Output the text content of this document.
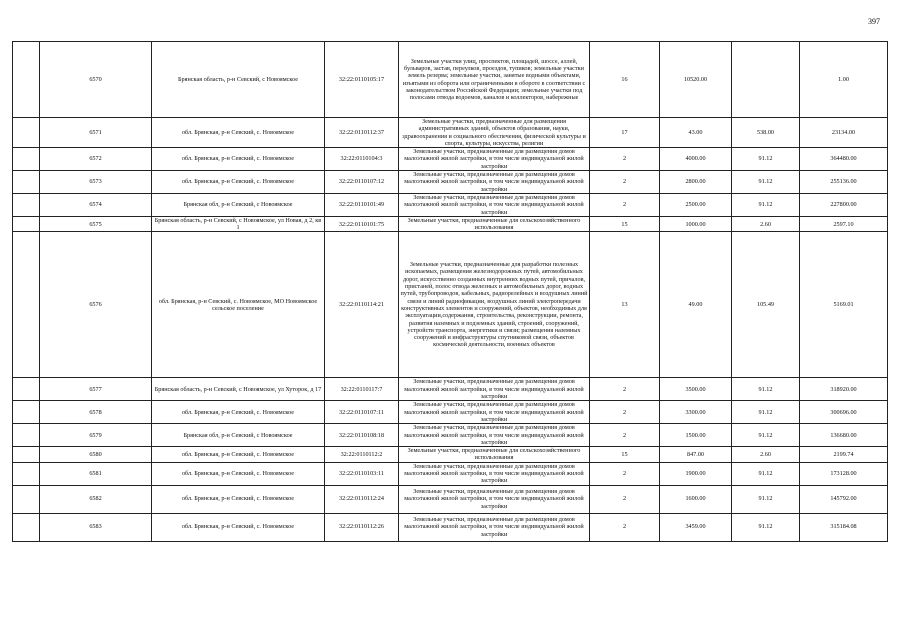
397
	6570	Брянская область, р-н Севский, с Новоямское	32:22:0110105:17	Земельные участки улиц, проспектов, площадей, шоссе, аллей, бульваров, застав, переулков, проездов, тупиков; земельные участки земель резерва; земельные участки, занятые водными объектами, изъятыми из оборота или ограниченными в обороте в соответствии с законодательством Российской Федерации; земельные участки под полосами отвода водоемов, каналов и коллекторов, набережные	16	10520.00		1.00
	6571	обл. Брянская, р-н Севский, с. Новоямское	32:22:0110112:37	Земельные участки, предназначенные для размещения административных зданий, объектов образования, науки, здравоохранения и социального обеспечения, физической культуры и спорта, культуры, искусства, религии	17	43.00	538.00	23134.00
	6572	обл. Брянская, р-н Севский, с. Новоямское	32:22:0110104:3	Земельные участки, предназначенные для размещения домов малоэтажной жилой застройки, в том числе индивидуальной жилой застройки	2	4000.00	91.12	364480.00
	6573	обл. Брянская, р-н Севский, с. Новоямское	32:22:0110107:12	Земельные участки, предназначенные для размещения домов малоэтажной жилой застройки, в том числе индивидуальной жилой застройки	2	2800.00	91.12	255136.00
	6574	Брянская обл, р-н Севский, с Новоямское	32:22:0110101:49	Земельные участки, предназначенные для размещения домов малоэтажной жилой застройки, в том числе индивидуальной жилой застройки	2	2500.00	91.12	227800.00
	6575	Брянская область, р-н Севский, с Новоямское, ул Новая, д 2, кв 1	32:22:0110101:75	Земельные участки, предназначенные для сельскохозяйственного использования	15	1000.00	2.60	2597.10
	6576	обл. Брянская, р-н Севский, с. Новоямское, МО Новоямское сельское поселение	32:22:0110114:21	Земельные участки, предназначенные для разработки полезных ископаемых, размещения железнодорожных путей, автомобильных дорог, искусственно созданных внутренних водных путей, причалов, пристаней, полос отвода железных и автомобильных дорог, водных путей, трубопроводов, кабельных, радиорелейных и воздушных линий связи и линий радиофикации, воздушных линий электропередачи конструктивных элементов и сооружений, объектов, необходимых для эксплуатации,содержания, строительства, реконструкции, ремонта, развития наземных и подземных зданий, строений, сооружений, устройств транспорта, энергетики и связи; размещения наземных сооружений и инфраструктуры спутниковой связи, объектов космической деятельности, военных объектов	13	49.00	105.49	5169.01
	6577	Брянская область, р-н Севский, с Новоямское, ул Хуторок, д 17	32:22:0110117:7	Земельные участки, предназначенные для размещения домов малоэтажной жилой застройки, в том числе индивидуальной жилой застройки	2	3500.00	91.12	318920.00
	6578	обл. Брянская, р-н Севский, с. Новоямское	32:22:0110107:11	Земельные участки, предназначенные для размещения домов малоэтажной жилой застройки, в том числе индивидуальной жилой застройки	2	3300.00	91.12	300696.00
	6579	Брянская обл, р-н Севский, с Новоямское	32:22:0110108:18	Земельные участки, предназначенные для размещения домов малоэтажной жилой застройки, в том числе индивидуальной жилой застройки	2	1500.00	91.12	136680.00
	6580	обл. Брянская, р-н Севский, с. Новоямское	32:22:0110112:2	Земельные участки, предназначенные для сельскохозяйственного использования	15	847.00	2.60	2199.74
	6581	обл. Брянская, р-н Севский, с. Новоямское	32:22:0110103:11	Земельные участки, предназначенные для размещения домов малоэтажной жилой застройки, в том числе индивидуальной жилой застройки	2	1900.00	91.12	173128.00
	6582	обл. Брянская, р-н Севский, с. Новоямское	32:22:0110112:24	Земельные участки, предназначенные для размещения домов малоэтажной жилой застройки, в том числе индивидуальной жилой застройки	2	1600.00	91.12	145792.00
	6583	обл. Брянская, р-н Севский, с. Новоямское	32:22:0110112:26	Земельные участки, предназначенные для размещения домов малоэтажной жилой застройки, в том числе индивидуальной жилой застройки	2	3459.00	91.12	315184.08
